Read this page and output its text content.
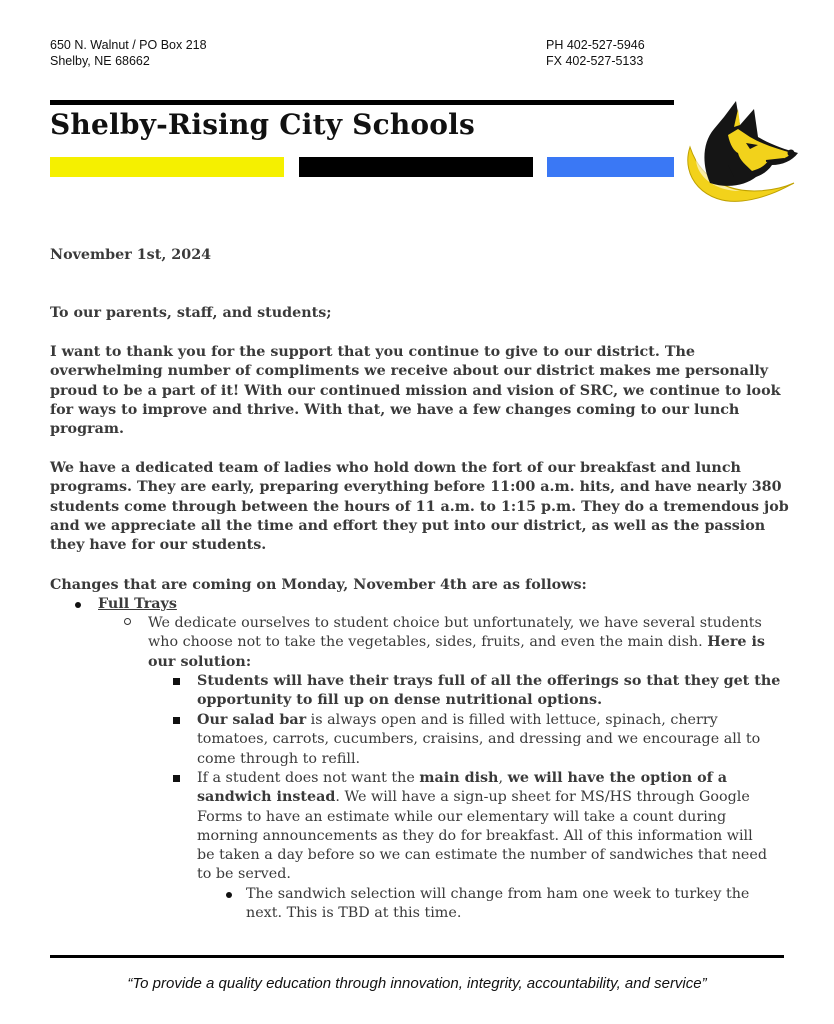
650 N. Walnut / PO Box 218
Shelby, NE 68662
PH 402-527-5946
FX 402-527-5133
Shelby-Rising City Schools
November 1st, 2024
To our parents, staff, and students;
I want to thank you for the support that you continue to give to our district. The
overwhelming number of compliments we receive about our district makes me personally
proud to be a part of it! With our continued mission and vision of SRC, we continue to look
for ways to improve and thrive. With that, we have a few changes coming to our lunch
program.
We have a dedicated team of ladies who hold down the fort of our breakfast and lunch
programs. They are early, preparing everything before 11:00 a.m. hits, and have nearly 380
students come through between the hours of 11 a.m. to 1:15 p.m. They do a tremendous job
and we appreciate all the time and effort they put into our district, as well as the passion
they have for our students.
Changes that are coming on Monday, November 4th are as follows:
Full Trays
We dedicate ourselves to student choice but unfortunately, we have several students
who choose not to take the vegetables, sides, fruits, and even the main dish. Here is
our solution:
Students will have their trays full of all the offerings so that they get the
opportunity to fill up on dense nutritional options.
Our salad bar is always open and is filled with lettuce, spinach, cherry
tomatoes, carrots, cucumbers, craisins, and dressing and we encourage all to
come through to refill.
If a student does not want the main dish, we will have the option of a
sandwich instead. We will have a sign-up sheet for MS/HS through Google
Forms to have an estimate while our elementary will take a count during
morning announcements as they do for breakfast. All of this information will
be taken a day before so we can estimate the number of sandwiches that need
to be served.
The sandwich selection will change from ham one week to turkey the
next. This is TBD at this time.
“To provide a quality education through innovation, integrity, accountability, and service”
